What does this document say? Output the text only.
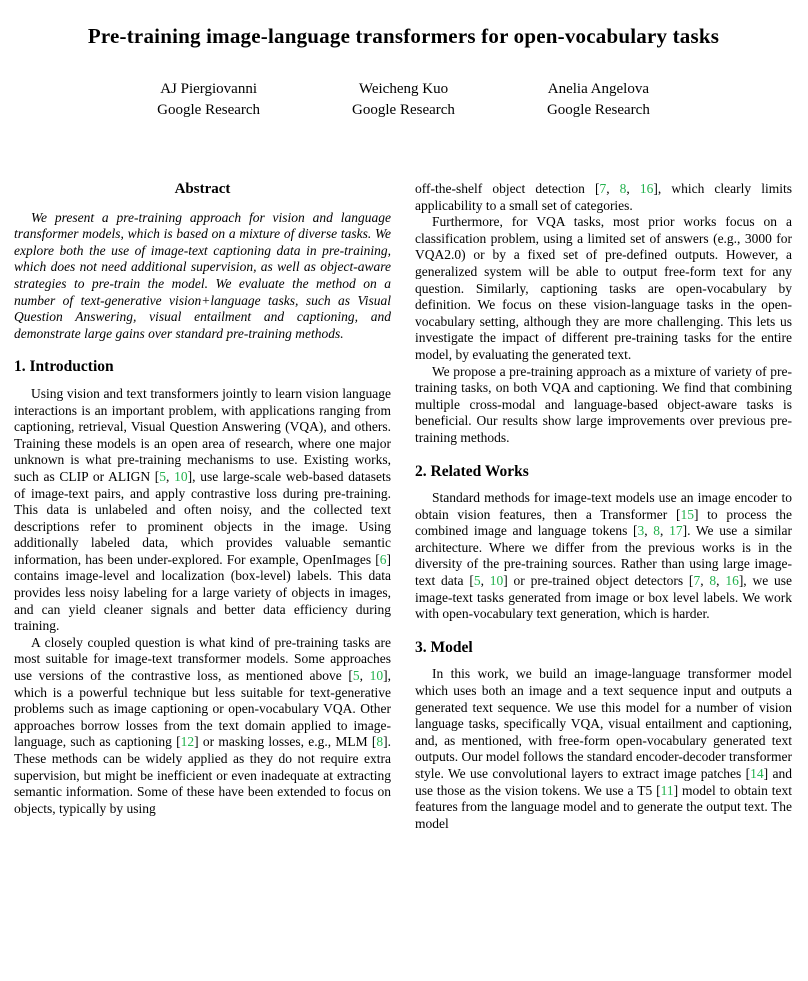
Pre-training image-language transformers for open-vocabulary tasks
AJ Piergiovanni
Google Research
Weicheng Kuo
Google Research
Anelia Angelova
Google Research
Abstract

We present a pre-training approach for vision and language transformer models, which is based on a mixture of diverse tasks. We explore both the use of image-text captioning data in pre-training, which does not need additional supervision, as well as object-aware strategies to pre-train the model. We evaluate the method on a number of text-generative vision+language tasks, such as Visual Question Answering, visual entailment and captioning, and demonstrate large gains over standard pre-training methods.

1. Introduction

Using vision and text transformers jointly to learn vision language interactions is an important problem, with applications ranging from captioning, retrieval, Visual Question Answering (VQA), and others. Training these models is an open area of research, where one major unknown is what pre-training mechanisms to use. Existing works, such as CLIP or ALIGN [5, 10], use large-scale web-based datasets of image-text pairs, and apply contrastive loss during pre-training. This data is unlabeled and often noisy, and the collected text descriptions refer to prominent objects in the image. Using additionally labeled data, which provides valuable semantic information, has been under-explored. For example, OpenImages [6] contains image-level and localization (box-level) labels. This data provides less noisy labeling for a large variety of objects in images, and can yield cleaner signals and better data efficiency during training.

A closely coupled question is what kind of pre-training tasks are most suitable for image-text transformer models. Some approaches use versions of the contrastive loss, as mentioned above [5, 10], which is a powerful technique but less suitable for text-generative problems such as image captioning or open-vocabulary VQA. Other approaches borrow losses from the text domain applied to image-language, such as captioning [12] or masking losses, e.g., MLM [8]. These methods can be widely applied as they do not require extra supervision, but might be inefficient or even inadequate at extracting semantic information. Some of these have been extended to focus on objects, typically by using

off-the-shelf object detection [7, 8, 16], which clearly limits applicability to a small set of categories.

Furthermore, for VQA tasks, most prior works focus on a classification problem, using a limited set of answers (e.g., 3000 for VQA2.0) or by a fixed set of pre-defined outputs. However, a generalized system will be able to output free-form text for any question. Similarly, captioning tasks are open-vocabulary by definition. We focus on these vision-language tasks in the open-vocabulary setting, although they are more challenging. This lets us investigate the impact of different pre-training tasks for the entire model, by evaluating the generated text.

We propose a pre-training approach as a mixture of variety of pre-training tasks, on both VQA and captioning. We find that combining multiple cross-modal and language-based object-aware tasks is beneficial. Our results show large improvements over previous pre-training methods.

2. Related Works

Standard methods for image-text models use an image encoder to obtain vision features, then a Transformer [15] to process the combined image and language tokens [3, 8, 17]. We use a similar architecture. Where we differ from the previous works is in the diversity of the pre-training sources. Rather than using large image-text data [5, 10] or pre-trained object detectors [7, 8, 16], we use image-text tasks generated from image or box level labels. We work with open-vocabulary text generation, which is harder.

3. Model

In this work, we build an image-language transformer model which uses both an image and a text sequence input and outputs a generated text sequence. We use this model for a number of vision language tasks, specifically VQA, visual entailment and captioning, and, as mentioned, with free-form open-vocabulary generated text outputs. Our model follows the standard encoder-decoder transformer style. We use convolutional layers to extract image patches [14] and use those as the vision tokens. We use a T5 [11] model to obtain text features from the language model and to generate the output text. The model
